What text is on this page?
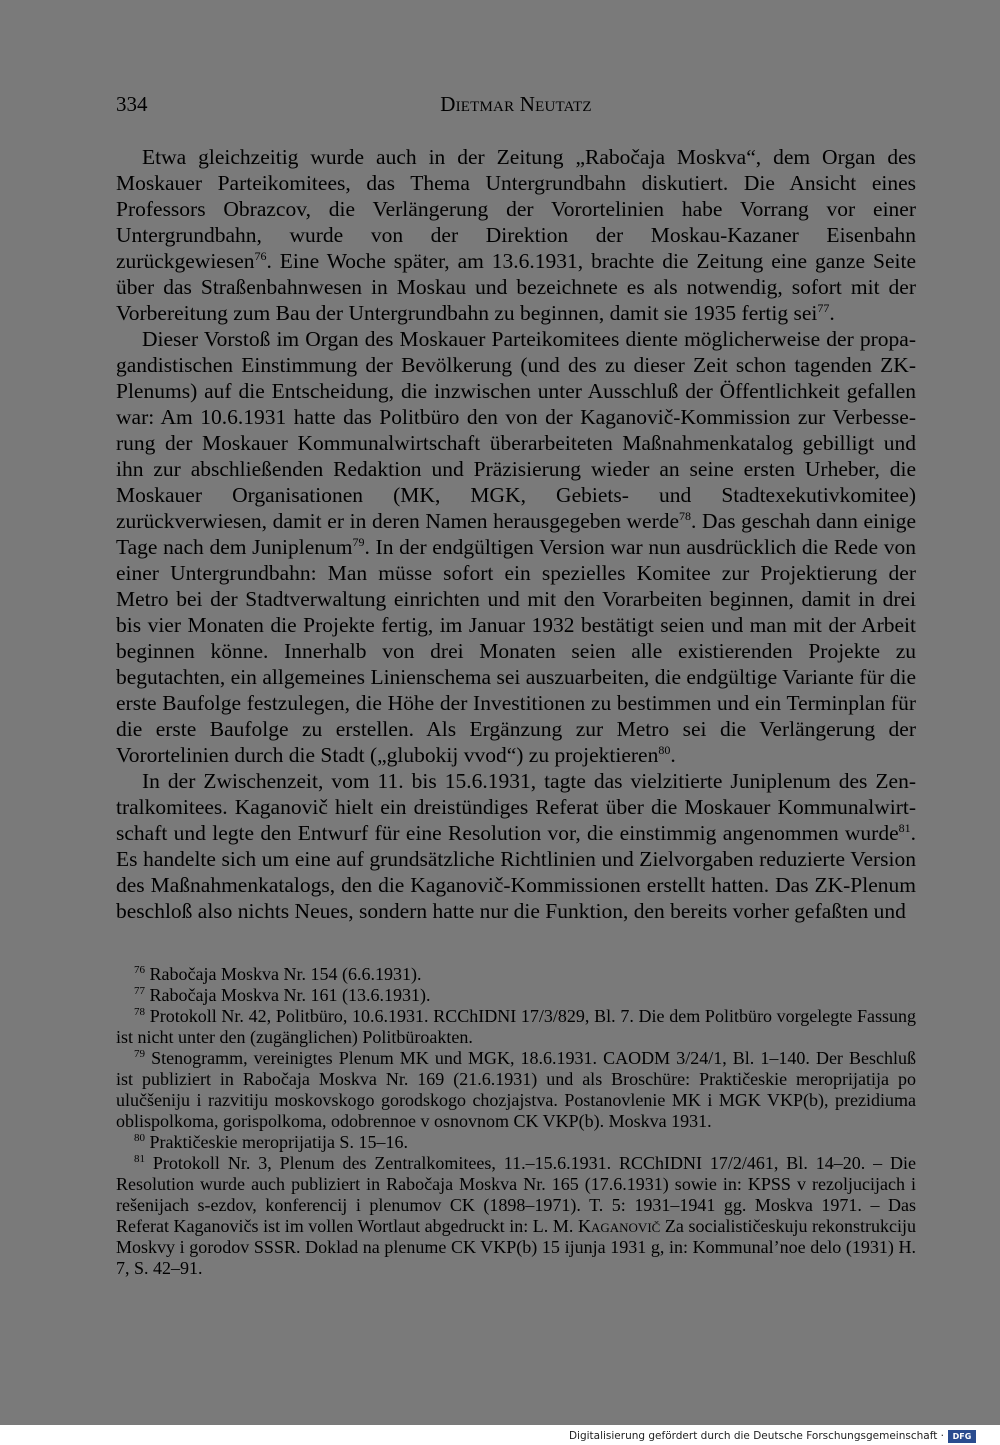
334	Dietmar Neutatz

Etwa gleichzeitig wurde auch in der Zeitung „Rabočaja Moskva“, dem Organ des Moskauer Parteikomitees, das Thema Untergrundbahn diskutiert. Die Ansicht eines Professors Obrazcov, die Verlängerung der Vorortelinien habe Vorrang vor einer Untergrundbahn, wurde von der Direktion der Moskau-Kazaner Eisenbahn zurückgewiesen$^{76}$. Eine Woche später, am 13.6.1931, brachte die Zeitung eine ganze Seite über das Straßenbahnwesen in Moskau und bezeichnete es als notwendig, sofort mit der Vorbereitung zum Bau der Untergrundbahn zu beginnen, damit sie 1935 fertig sei$^{77}$.

Dieser Vorstoß im Organ des Moskauer Parteikomitees diente möglicherweise der propagandistischen Einstimmung der Bevölkerung (und des zu dieser Zeit schon tagenden ZK-Plenums) auf die Entscheidung, die inzwischen unter Ausschluß der Öffentlichkeit gefallen war: Am 10.6.1931 hatte das Politbüro den von der Kaganovič-Kommission zur Verbesserung der Moskauer Kommunalwirtschaft überarbeiteten Maßnahmenkatalog gebilligt und ihn zur abschließenden Redaktion und Präzisierung wieder an seine ersten Urheber, die Moskauer Organisationen (MK, MGK, Gebiets- und Stadtexekutivkomitee) zurückverwiesen, damit er in deren Namen herausgegeben werde$^{78}$. Das geschah dann einige Tage nach dem Juniplenum$^{79}$. In der endgültigen Version war nun ausdrücklich die Rede von einer Untergrundbahn: Man müsse sofort ein spezielles Komitee zur Projektierung der Metro bei der Stadtverwaltung einrichten und mit den Vorarbeiten beginnen, damit in drei bis vier Monaten die Projekte fertig, im Januar 1932 bestätigt seien und man mit der Arbeit beginnen könne. Innerhalb von drei Monaten seien alle existierenden Projekte zu begutachten, ein allgemeines Linienschema sei auszuarbeiten, die endgültige Variante für die erste Baufolge festzulegen, die Höhe der Investitionen zu bestimmen und ein Terminplan für die erste Baufolge zu erstellen. Als Ergänzung zur Metro sei die Verlängerung der Vorortelinien durch die Stadt („glubokij vvod“) zu projektieren$^{80}$.

In der Zwischenzeit, vom 11. bis 15.6.1931, tagte das vielzitierte Juniplenum des Zentralkomitees. Kaganovič hielt ein dreistündiges Referat über die Moskauer Kommunalwirtschaft und legte den Entwurf für eine Resolution vor, die einstimmig angenommen wurde$^{81}$. Es handelte sich um eine auf grundsätzliche Richtlinien und Zielvorgaben reduzierte Version des Maßnahmenkatalogs, den die Kaganovič-Kommissionen erstellt hatten. Das ZK-Plenum beschloß also nichts Neues, sondern hatte nur die Funktion, den bereits vorher gefaßten und

$^{76}$ Rabočaja Moskva Nr. 154 (6.6.1931).

$^{77}$ Rabočaja Moskva Nr. 161 (13.6.1931).

$^{78}$ Protokoll Nr. 42, Politbüro, 10.6.1931. RCChIDNI 17/3/829, Bl. 7. Die dem Politbüro vorgelegte Fassung ist nicht unter den (zugänglichen) Politbüroakten.

$^{79}$ Stenogramm, vereinigtes Plenum MK und MGK, 18.6.1931. CAODM 3/24/1, Bl. 1–140. Der Beschluß ist publiziert in Rabočaja Moskva Nr. 169 (21.6.1931) und als Broschüre: Praktičeskie meroprijatija po ulučšeniju i razvitiju moskovskogo gorodskogo chozjajstva. Postanovlenie MK i MGK VKP(b), prezidiuma oblispolkoma, gorispolkoma, odobrennoe v osnovnom CK VKP(b). Moskva 1931.

$^{80}$ Praktičeskie meroprijatija S. 15–16.

$^{81}$ Protokoll Nr. 3, Plenum des Zentralkomitees, 11.–15.6.1931. RCChIDNI 17/2/461, Bl. 14–20. – Die Resolution wurde auch publiziert in Rabočaja Moskva Nr. 165 (17.6.1931) sowie in: KPSS v rezoljucijach i rešenijach s-ezdov, konferencij i plenumov CK (1898–1971). T. 5: 1931–1941 gg. Moskva 1971. – Das Referat Kaganovičs ist im vollen Wortlaut abgedruckt in: L. M. Kaganovič Za socialističeskuju rekonstrukciju Moskvy i gorodov SSSR. Doklad na plenume CK VKP(b) 15 ijunja 1931 g, in: Kommunal’noe delo (1931) H. 7, S. 42–91.

Digitalisierung gefördert durch die Deutsche Forschungsgemeinschaft ·	DFG
